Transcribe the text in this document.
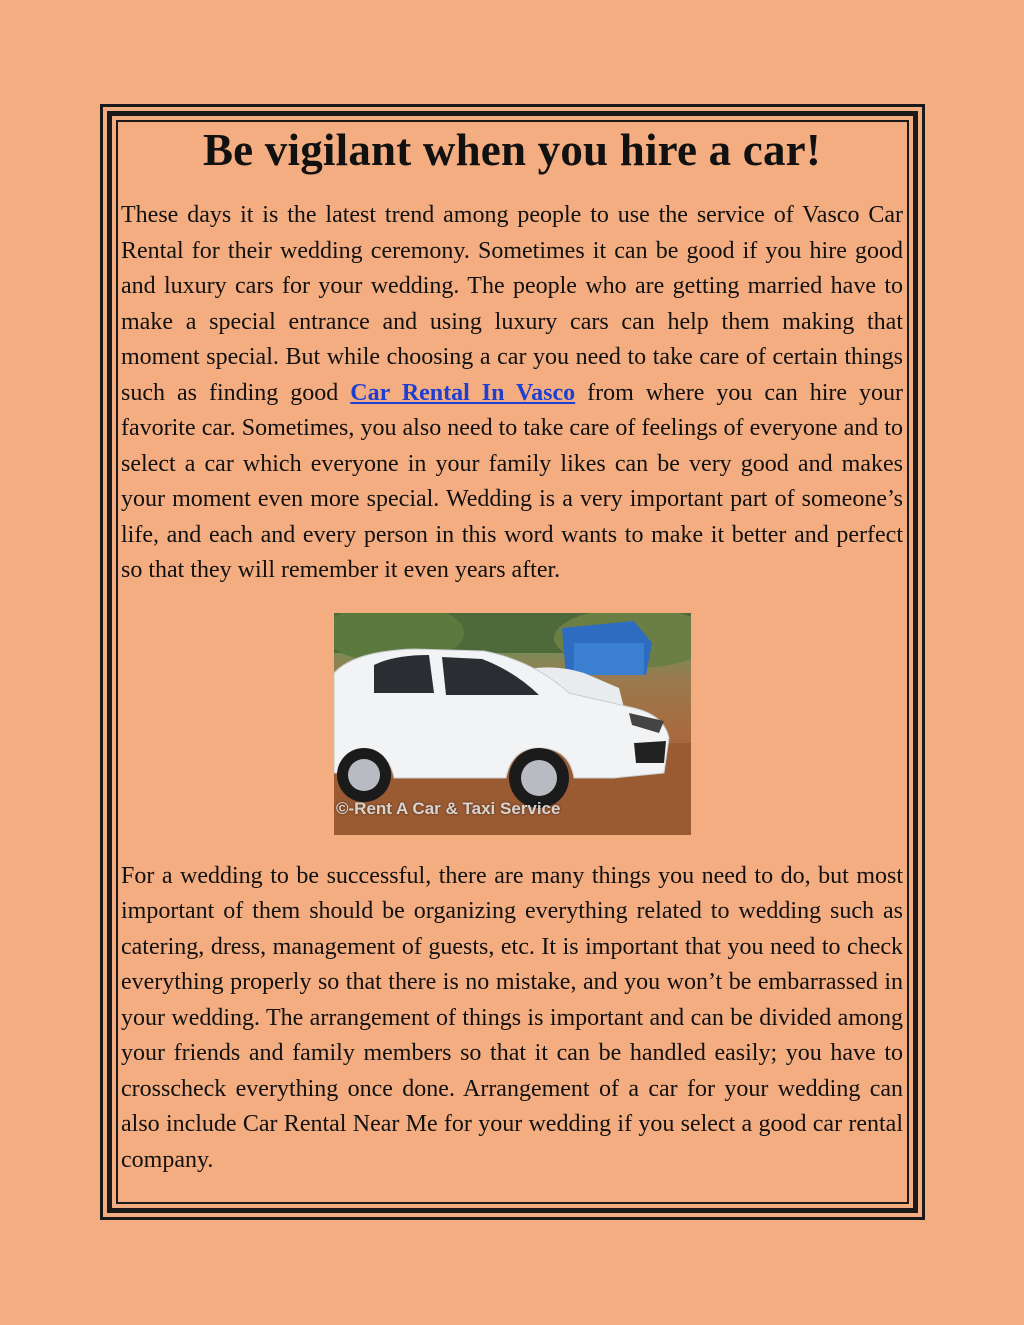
Be vigilant when you hire a car!

These days it is the latest trend among people to use the service of Vasco Car Rental for their wedding ceremony. Sometimes it can be good if you hire good and luxury cars for your wedding. The people who are getting married have to make a special entrance and using luxury cars can help them making that moment special. But while choosing a car you need to take care of certain things such as finding good Car Rental In Vasco from where you can hire your favorite car. Sometimes, you also need to take care of feelings of everyone and to select a car which everyone in your family likes can be very good and makes your moment even more special. Wedding is a very important part of someone’s life, and each and every person in this word wants to make it better and perfect so that they will remember it even years after.

©-Rent A Car & Taxi Service

For a wedding to be successful, there are many things you need to do, but most important of them should be organizing everything related to wedding such as catering, dress, management of guests, etc. It is important that you need to check everything properly so that there is no mistake, and you won’t be embarrassed in your wedding. The arrangement of things is important and can be divided among your friends and family members so that it can be handled easily; you have to crosscheck everything once done. Arrangement of a car for your wedding can also include Car Rental Near Me for your wedding if you select a good car rental company.
